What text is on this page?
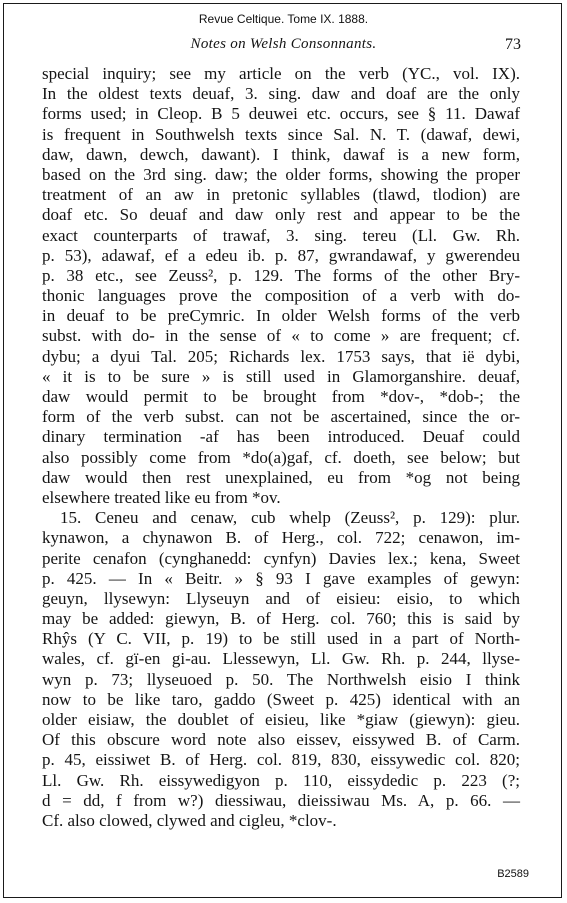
Revue Celtique. Tome IX. 1888.
Notes on Welsh Consonnants.	73
special inquiry; see my article on the verb (YC., vol. IX).
In the oldest texts deuaf, 3. sing. daw and doaf are the only
forms used; in Cleop. B 5 deuwei etc. occurs, see § 11. Dawaf
is frequent in Southwelsh texts since Sal. N. T. (dawaf, dewi,
daw, dawn, dewch, dawant). I think, dawaf is a new form,
based on the 3rd sing. daw; the older forms, showing the proper
treatment of an aw in pretonic syllables (tlawd, tlodion) are
doaf etc. So deuaf and daw only rest and appear to be the
exact counterparts of trawaf, 3. sing. tereu (Ll. Gw. Rh.
p. 53), adawaf, ef a edeu ib. p. 87, gwrandawaf, y gwerendeu
p. 38 etc., see Zeuss², p. 129. The forms of the other Bry-
thonic languages prove the composition of a verb with do-
in deuaf to be preCymric. In older Welsh forms of the verb
subst. with do- in the sense of « to come » are frequent; cf.
dybu; a dyui Tal. 205; Richards lex. 1753 says, that ië dybi,
« it is to be sure » is still used in Glamorganshire. deuaf,
daw would permit to be brought from *dov-, *dob-; the
form of the verb subst. can not be ascertained, since the or-
dinary termination -af has been introduced. Deuaf could
also possibly come from *do(a)gaf, cf. doeth, see below; but
daw would then rest unexplained, eu from *og not being
elsewhere treated like eu from *ov.
15. Ceneu and cenaw, cub whelp (Zeuss², p. 129): plur.
kynawon, a chynawon B. of Herg., col. 722; cenawon, im-
perite cenafon (cynghanedd: cynfyn) Davies lex.; kena, Sweet
p. 425. — In « Beitr. » § 93 I gave examples of gewyn:
geuyn, llysewyn: Llyseuyn and of eisieu: eisio, to which
may be added: giewyn, B. of Herg. col. 760; this is said by
Rhŷs (Y C. VII, p. 19) to be still used in a part of North-
wales, cf. gï-en gi-au. Llessewyn, Ll. Gw. Rh. p. 244, llyse-
wyn p. 73; llyseuoed p. 50. The Northwelsh eisio I think
now to be like taro, gaddo (Sweet p. 425) identical with an
older eisiaw, the doublet of eisieu, like *giaw (giewyn): gieu.
Of this obscure word note also eissev, eissywed B. of Carm.
p. 45, eissiwet B. of Herg. col. 819, 830, eissywedic col. 820;
Ll. Gw. Rh. eissywedigyon p. 110, eissydedic p. 223 (?;
d = dd, f from w?) diessiwau, dieissiwau Ms. A, p. 66. —
Cf. also clowed, clywed and cigleu, *clov-.
B2589
